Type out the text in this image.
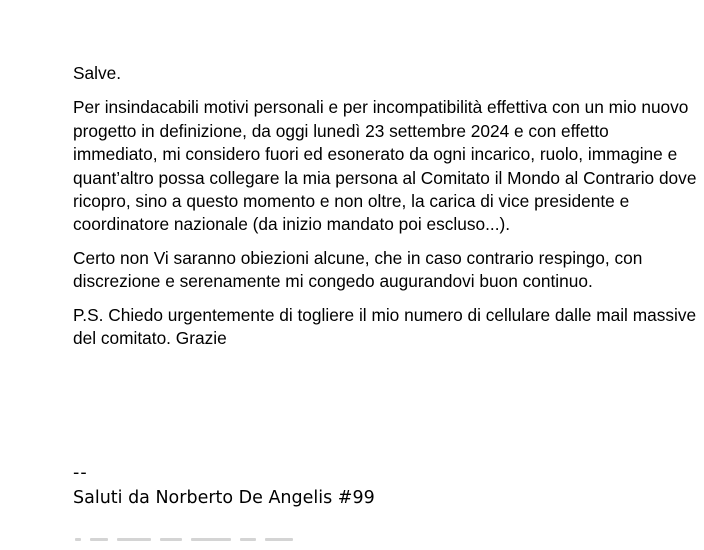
Salve.

Per insindacabili motivi personali e per incompatibilità effettiva con un mio nuovo progetto in definizione, da oggi lunedì 23 settembre 2024 e con effetto immediato, mi considero fuori ed esonerato da ogni incarico, ruolo, immagine e quant’altro possa collegare la mia persona al Comitato il Mondo al Contrario dove ricopro, sino a questo momento e non oltre, la carica di vice presidente e coordinatore nazionale (da inizio mandato poi escluso...).

Certo non Vi saranno obiezioni alcune, che in caso contrario respingo, con discrezione e serenamente mi congedo augurandovi buon continuo.

P.S. Chiedo urgentemente di togliere il mio numero di cellulare dalle mail massive del comitato. Grazie

--
Saluti da Norberto De Angelis #99
